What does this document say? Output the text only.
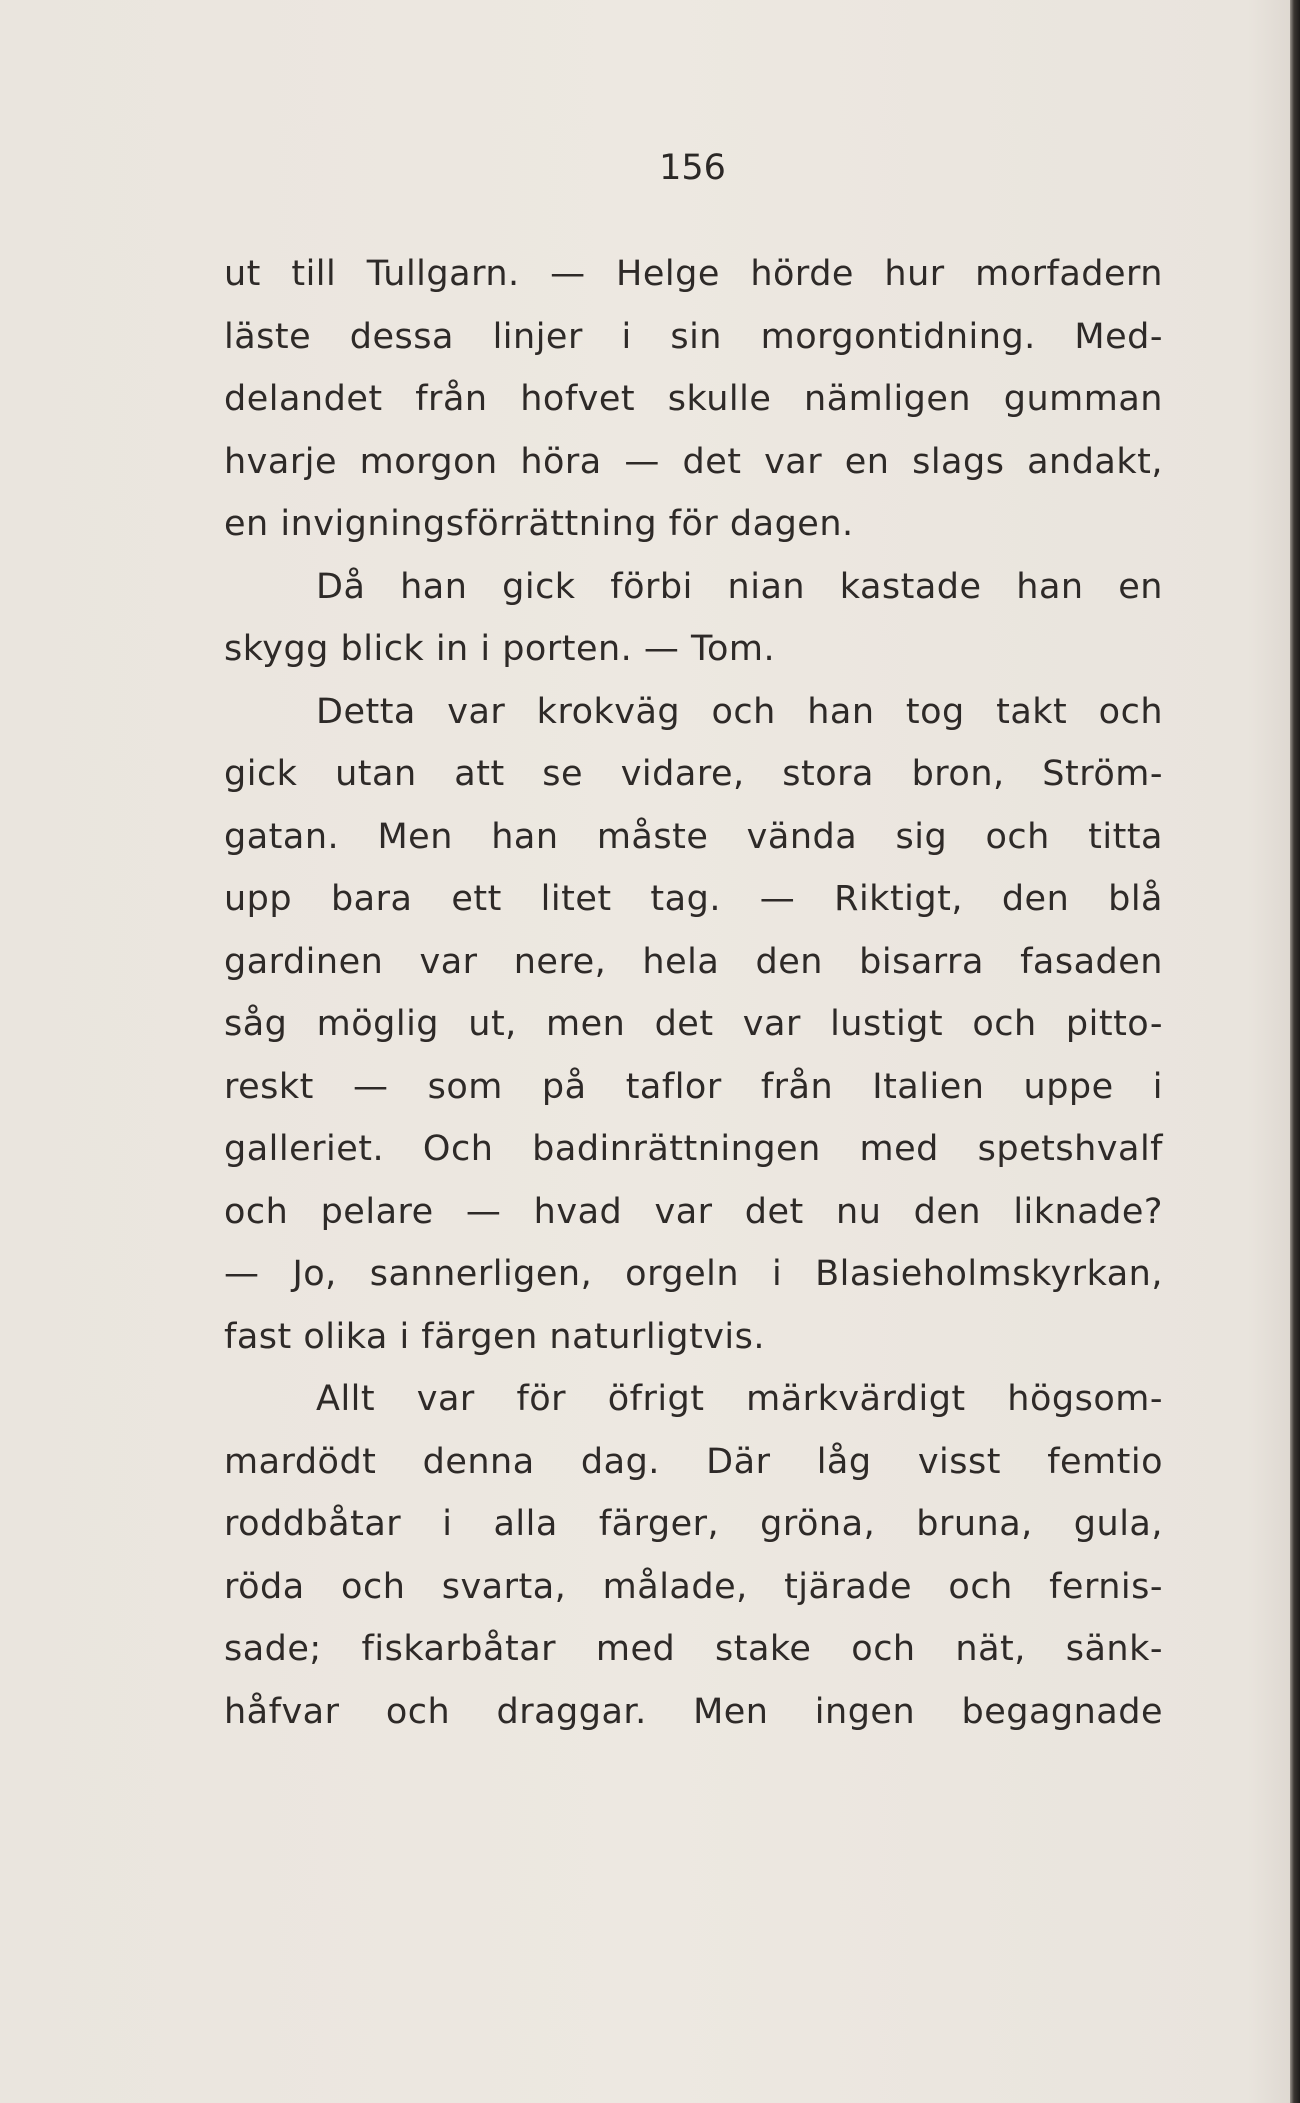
156
ut till Tullgarn. — Helge hörde hur morfadern
läste dessa linjer i sin morgontidning. Med-
delandet från hofvet skulle nämligen gumman
hvarje morgon höra — det var en slags andakt,
en invigningsförrättning för dagen.
Då han gick förbi nian kastade han en
skygg blick in i porten. — Tom.
Detta var krokväg och han tog takt och
gick utan att se vidare, stora bron, Ström-
gatan. Men han måste vända sig och titta
upp bara ett litet tag. — Riktigt, den blå
gardinen var nere, hela den bisarra fasaden
såg möglig ut, men det var lustigt och pitto-
reskt — som på taflor från Italien uppe i
galleriet. Och badinrättningen med spetshvalf
och pelare — hvad var det nu den liknade?
— Jo, sannerligen, orgeln i Blasieholmskyrkan,
fast olika i färgen naturligtvis.
Allt var för öfrigt märkvärdigt högsom-
mardödt denna dag. Där låg visst femtio
roddbåtar i alla färger, gröna, bruna, gula,
röda och svarta, målade, tjärade och fernis-
sade; fiskarbåtar med stake och nät, sänk-
håfvar och draggar. Men ingen begagnade
